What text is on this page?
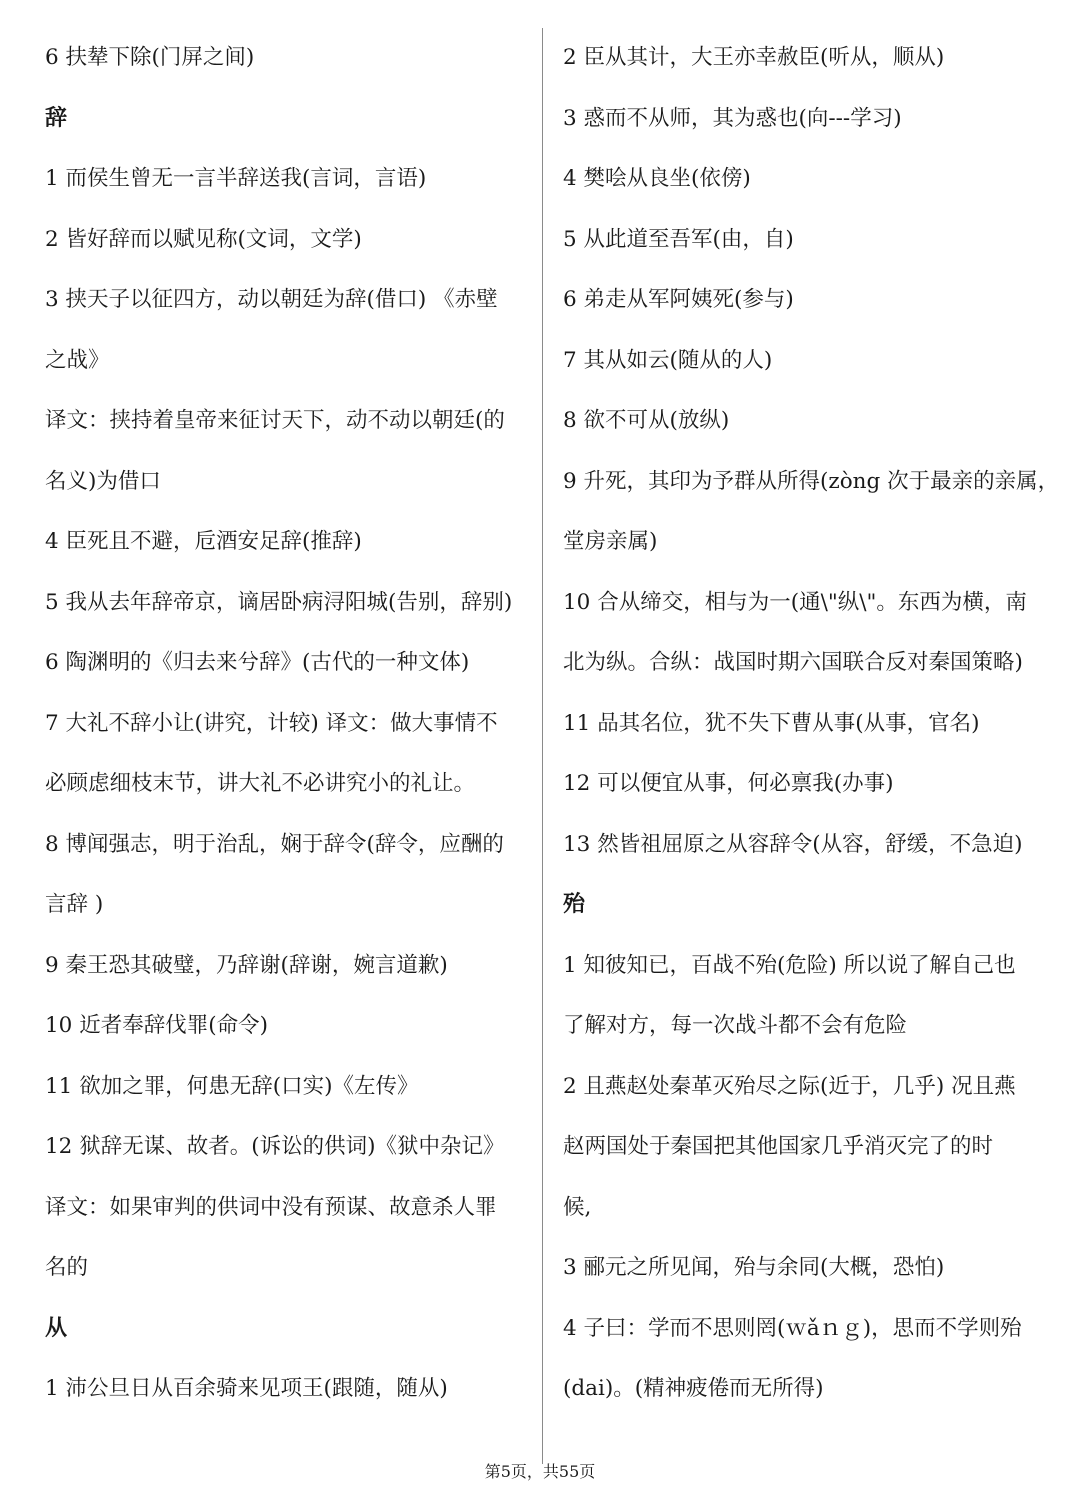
6 扶辇下除(门屏之间)
辞
1 而侯生曾无一言半辞送我(言词，言语)
2 皆好辞而以赋见称(文词，文学)
3 挟天子以征四方，动以朝廷为辞(借口) 《赤壁
之战》
译文：挟持着皇帝来征讨天下，动不动以朝廷(的
名义)为借口
4 臣死且不避，卮酒安足辞(推辞)
5 我从去年辞帝京，谪居卧病浔阳城(告别，辞别)
6 陶渊明的《归去来兮辞》(古代的一种文体)
7 大礼不辞小让(讲究，计较) 译文：做大事情不
必顾虑细枝末节，讲大礼不必讲究小的礼让。
8 博闻强志，明于治乱，娴于辞令(辞令，应酬的
言辞 )
9 秦王恐其破璧，乃辞谢(辞谢，婉言道歉)
10 近者奉辞伐罪(命令)
11 欲加之罪，何患无辞(口实)《左传》
12 狱辞无谋、故者。(诉讼的供词)《狱中杂记》
译文：如果审判的供词中没有预谋、故意杀人罪
名的
从
1 沛公旦日从百余骑来见项王(跟随，随从)
2 臣从其计，大王亦幸赦臣(听从，顺从)
3 惑而不从师，其为惑也(向---学习)
4 樊哙从良坐(依傍)
5 从此道至吾军(由，自)
6 弟走从军阿姨死(参与)
7 其从如云(随从的人)
8 欲不可从(放纵)
9 升死，其印为予群从所得(zòng 次于最亲的亲属，
堂房亲属)
10 合从缔交，相与为一(通\"纵\"。东西为横，南
北为纵。合纵：战国时期六国联合反对秦国策略)
11 品其名位，犹不失下曹从事(从事，官名)
12 可以便宜从事，何必禀我(办事)
13 然皆祖屈原之从容辞令(从容，舒缓，不急迫)
殆
1 知彼知已，百战不殆(危险) 所以说了解自己也
了解对方，每一次战斗都不会有危险
2 且燕赵处秦革灭殆尽之际(近于，几乎) 况且燕
赵两国处于秦国把其他国家几乎消灭完了的时
候,
3 郦元之所见闻，殆与余同(大概，恐怕)
4 子曰：学而不思则罔(ｗǎｎｇ)，思而不学则殆
(dai)。(精神疲倦而无所得)
第5页，共55页
